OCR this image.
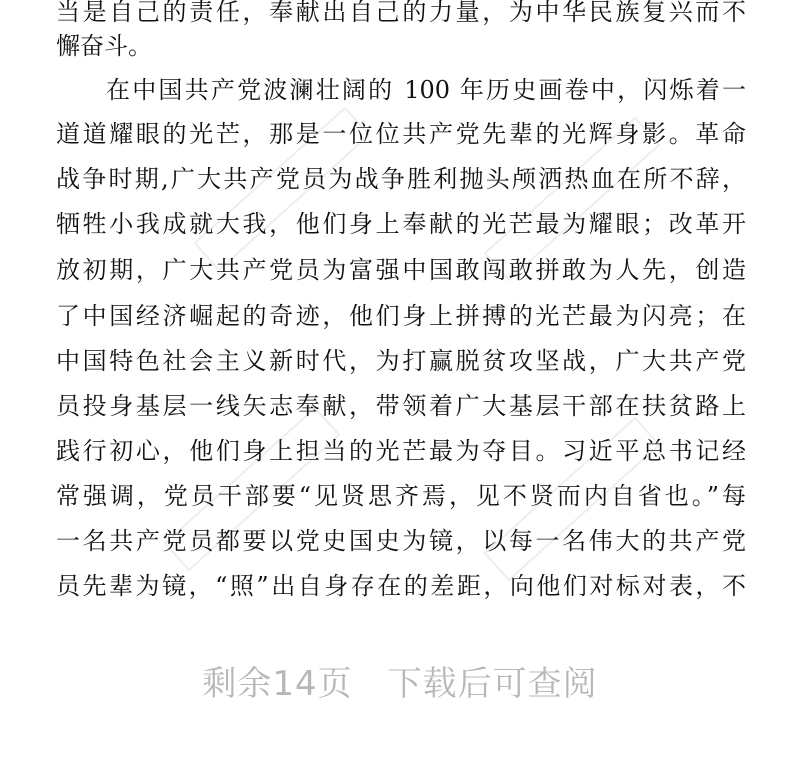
当是自己的责任，奉献出自己的力量，为中华民族复兴而不
懈奋斗。
在中国共产党波澜壮阔的 100 年历史画卷中，闪烁着一
道道耀眼的光芒，那是一位位共产党先辈的光辉身影。革命
战争时期,广大共产党员为战争胜利抛头颅洒热血在所不辞，
牺牲小我成就大我，他们身上奉献的光芒最为耀眼；改革开
放初期，广大共产党员为富强中国敢闯敢拼敢为人先，创造
了中国经济崛起的奇迹，他们身上拼搏的光芒最为闪亮；在
中国特色社会主义新时代，为打赢脱贫攻坚战，广大共产党
员投身基层一线矢志奉献，带领着广大基层干部在扶贫路上
践行初心，他们身上担当的光芒最为夺目。习近平总书记经
常强调，党员干部要“见贤思齐焉，见不贤而内自省也。”每
一名共产党员都要以党史国史为镜，以每一名伟大的共产党
员先辈为镜，“照”出自身存在的差距，向他们对标对表，不
剩余14页　下载后可查阅
